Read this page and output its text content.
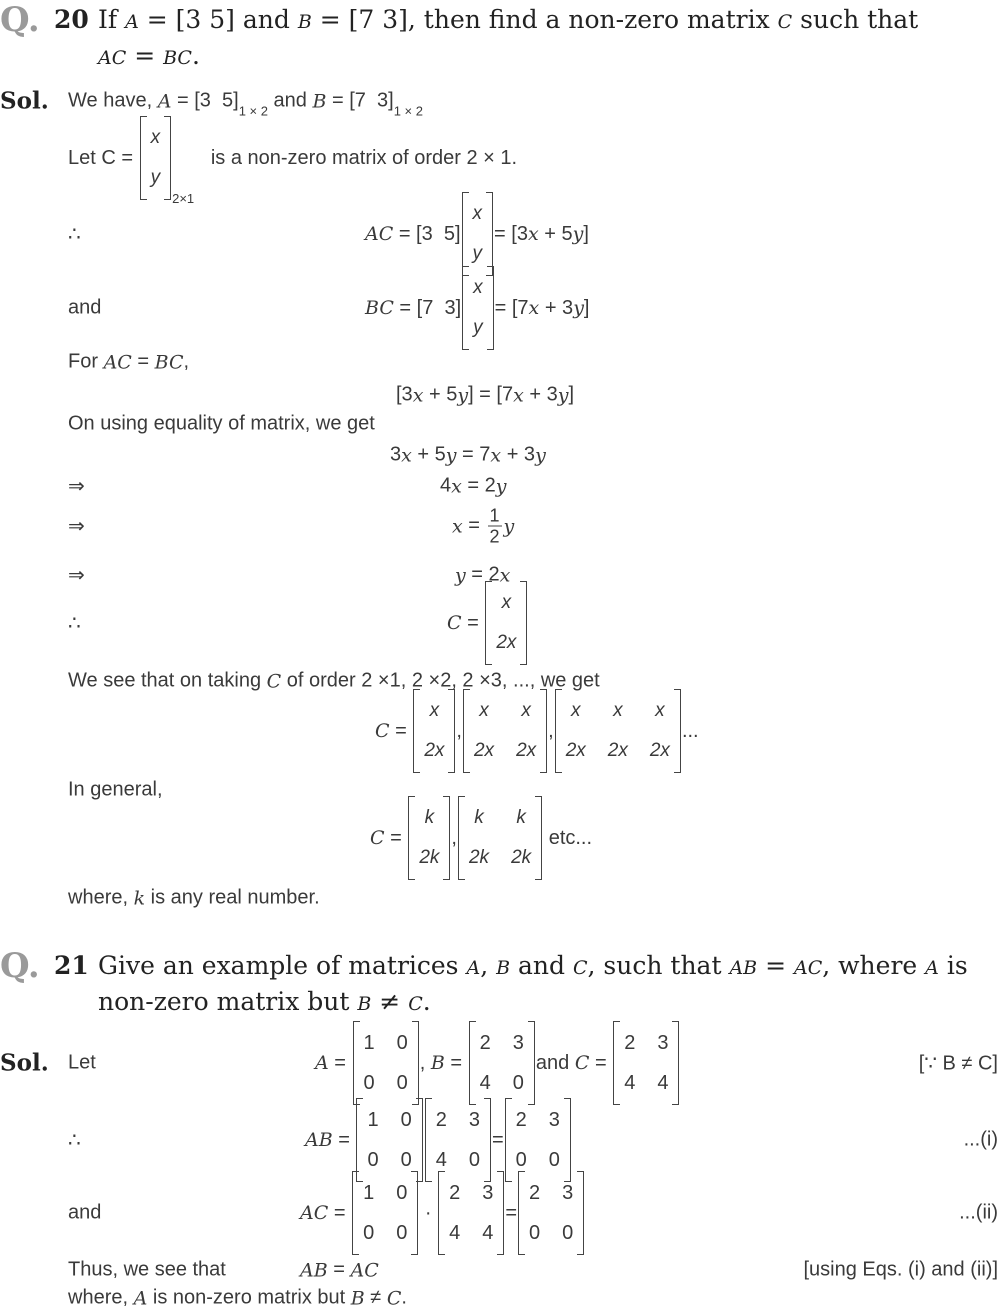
Q. 20 If A = [3 5] and B = [7 3], then find a non-zero matrix C such that
AC = BC.
Sol. We have, A = [3  5] 1 × 2 and B = [7  3] 1 × 2
Let C =
x
y
2×1
is a non-zero matrix of order 2 × 1.
∴	AC = [3  5]
x
y
= [3 x + 5 y ]
and	BC = [7  3]
x
y
= [7 x + 3 y ]
For AC = BC ,
[3 x + 5 y ] = [7 x + 3 y ]
On using equality of matrix, we get
3 x + 5 y = 7 x + 3 y
⇒	4 x = 2 y
⇒	$x = \frac{1}{2}$ y
⇒	y = 2 x
∴	C =
x
2x
We see that on taking C of order 2 ×1, 2 ×2, 2 ×3, ..., we get
C =
x
2x
,
x x
2x 2x
,
x x x
2x 2x 2x
...
In general,
C =
k
2k
,
k k
2k 2k
etc...
where, k is any real number.
Q. 21 Give an example of matrices A, B and C, such that AB = AC, where A is
non-zero matrix but B ≠ C.
Sol. Let	A =
1 0
0 0
, B =
2 3
4 0
and C =
2 3
4 4
[∵ B ≠ C]
∴	AB =
1 0
0 0
2 3
4 0
=
2 3
0 0
...(i)
and	AC =
1 0
0 0
·
2 3
4 4
=
2 3
0 0
...(ii)
Thus, we see that	AB = AC	[using Eqs. (i) and (ii)]
where, A is non-zero matrix but B ≠ C .
